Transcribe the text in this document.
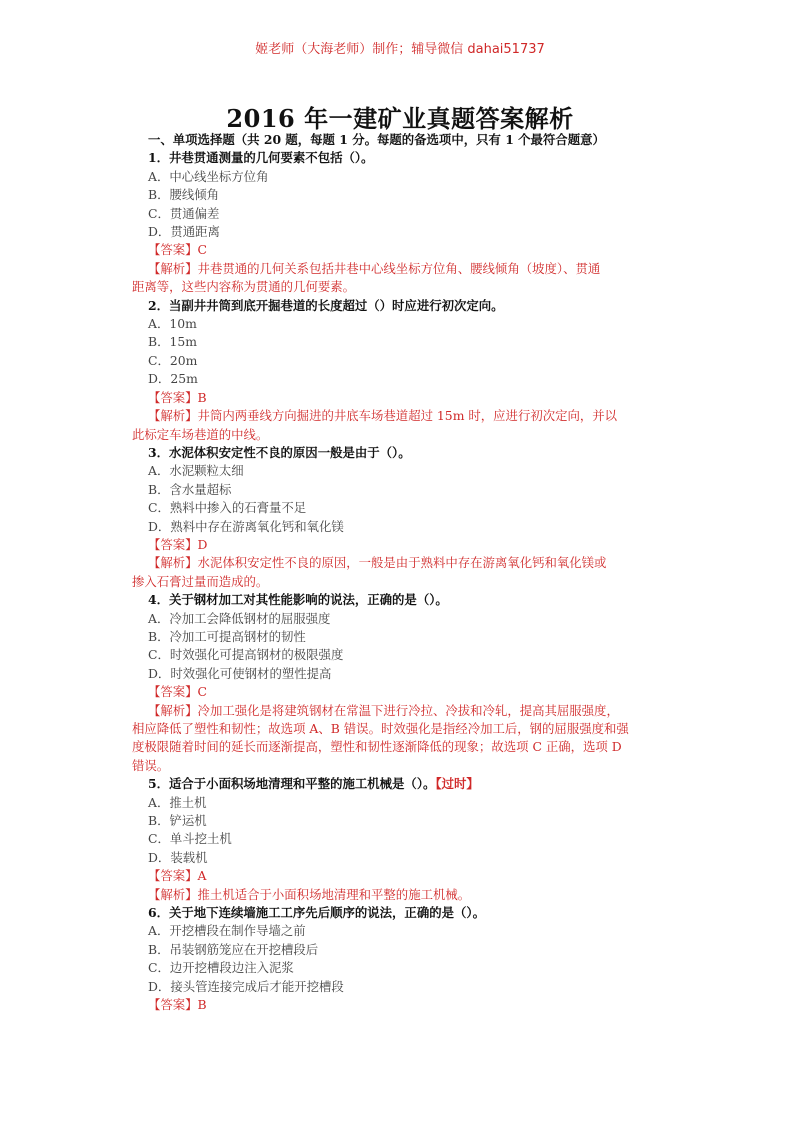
姬老师（大海老师）制作；辅导微信 dahai51737
2016 年一建矿业真题答案解析
一、单项选择题（共 20 题，每题 1 分。每题的备选项中，只有 1 个最符合题意）
1．井巷贯通测量的几何要素不包括（）。
A．中心线坐标方位角
B．腰线倾角
C．贯通偏差
D．贯通距离
【答案】C
【解析】井巷贯通的几何关系包括井巷中心线坐标方位角、腰线倾角（坡度）、贯通
距离等，这些内容称为贯通的几何要素。
2．当副井井筒到底开掘巷道的长度超过（）时应进行初次定向。
A．10m
B．15m
C．20m
D．25m
【答案】B
【解析】井筒内两垂线方向掘进的井底车场巷道超过 15m 时，应进行初次定向，并以
此标定车场巷道的中线。
3．水泥体积安定性不良的原因一般是由于（）。
A．水泥颗粒太细
B．含水量超标
C．熟料中掺入的石膏量不足
D．熟料中存在游离氧化钙和氧化镁
【答案】D
【解析】水泥体积安定性不良的原因，一般是由于熟料中存在游离氧化钙和氧化镁或
掺入石膏过量而造成的。
4．关于钢材加工对其性能影响的说法，正确的是（）。
A．冷加工会降低钢材的屈服强度
B．冷加工可提高钢材的韧性
C．时效强化可提高钢材的极限强度
D．时效强化可使钢材的塑性提高
【答案】C
【解析】冷加工强化是将建筑钢材在常温下进行冷拉、冷拔和冷轧，提高其屈服强度，
相应降低了塑性和韧性；故选项 A、B 错误。时效强化是指经冷加工后，钢的屈服强度和强
度极限随着时间的延长而逐渐提高，塑性和韧性逐渐降低的现象；故选项 C 正确，选项 D
错误。
5．适合于小面积场地清理和平整的施工机械是（）。【过时】
A．推土机
B．铲运机
C．单斗挖土机
D．装载机
【答案】A
【解析】推土机适合于小面积场地清理和平整的施工机械。
6．关于地下连续墙施工工序先后顺序的说法，正确的是（）。
A．开挖槽段在制作导墙之前
B．吊装钢筋笼应在开挖槽段后
C．边开挖槽段边注入泥浆
D．接头管连接完成后才能开挖槽段
【答案】B
